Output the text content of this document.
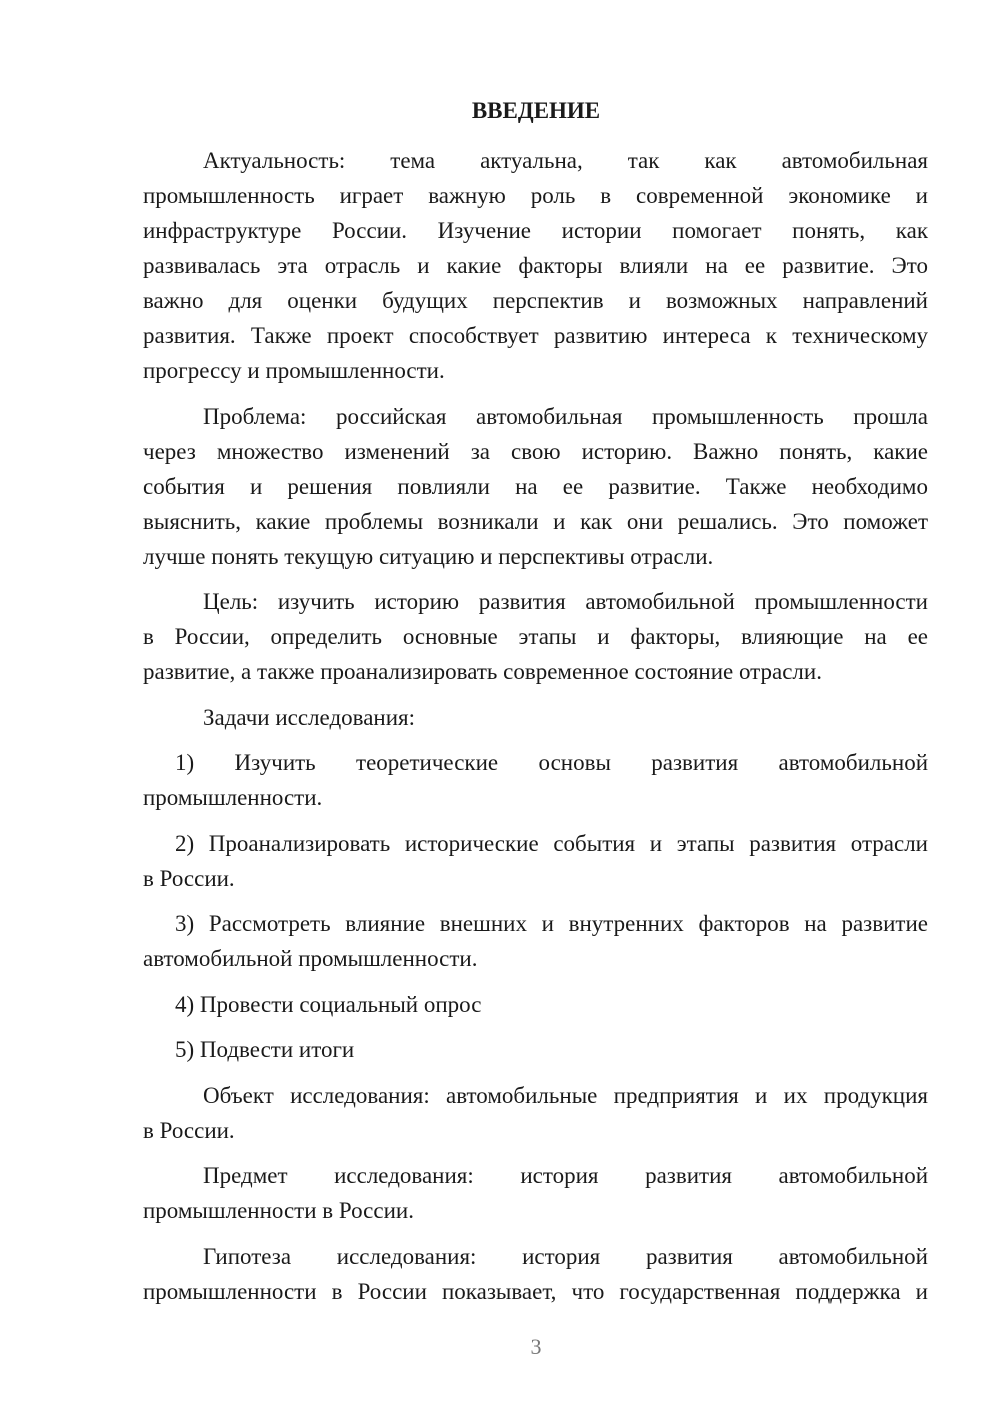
ВВЕДЕНИЕ
Актуальность: тема актуальна, так как автомобильная
промышленность играет важную роль в современной экономике и
инфраструктуре России. Изучение истории помогает понять, как
развивалась эта отрасль и какие факторы влияли на ее развитие. Это
важно для оценки будущих перспектив и возможных направлений
развития. Также проект способствует развитию интереса к техническому
прогрессу и промышленности.
Проблема: российская автомобильная промышленность прошла
через множество изменений за свою историю. Важно понять, какие
события и решения повлияли на ее развитие. Также необходимо
выяснить, какие проблемы возникали и как они решались. Это поможет
лучше понять текущую ситуацию и перспективы отрасли.
Цель: изучить историю развития автомобильной промышленности
в России, определить основные этапы и факторы, влияющие на ее
развитие, а также проанализировать современное состояние отрасли.
Задачи исследования:
1) Изучить теоретические основы развития автомобильной
промышленности.
2) Проанализировать исторические события и этапы развития отрасли
в России.
3) Рассмотреть влияние внешних и внутренних факторов на развитие
автомобильной промышленности.
4) Провести социальный опрос
5) Подвести итоги
Объект исследования: автомобильные предприятия и их продукция
в России.
Предмет исследования: история развития автомобильной
промышленности в России.
Гипотеза исследования: история развития автомобильной
промышленности в России показывает, что государственная поддержка и
3
